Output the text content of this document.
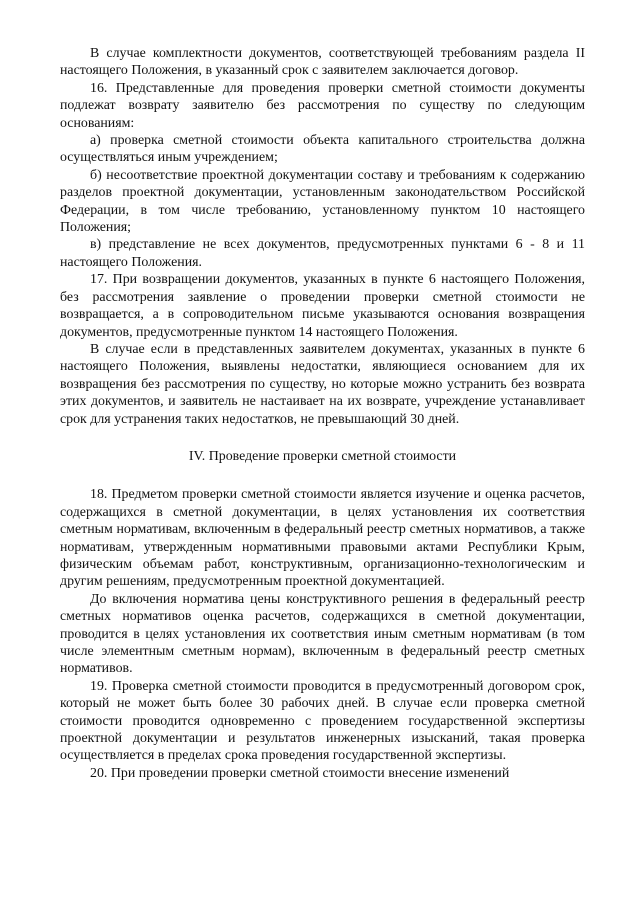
В случае комплектности документов, соответствующей требованиям раздела II настоящего Положения, в указанный срок с заявителем заключается договор.

16. Представленные для проведения проверки сметной стоимости документы подлежат возврату заявителю без рассмотрения по существу по следующим основаниям:

а) проверка сметной стоимости объекта капитального строительства должна осуществляться иным учреждением;

б) несоответствие проектной документации составу и требованиям к содержанию разделов проектной документации, установленным законодательством Российской Федерации, в том числе требованию, установленному пунктом 10 настоящего Положения;

в) представление не всех документов, предусмотренных пунктами 6 - 8 и 11 настоящего Положения.

17. При возвращении документов, указанных в пункте 6 настоящего Положения, без рассмотрения заявление о проведении проверки сметной стоимости не возвращается, а в сопроводительном письме указываются основания возвращения документов, предусмотренные пунктом 14 настоящего Положения.

В случае если в представленных заявителем документах, указанных в пункте 6 настоящего Положения, выявлены недостатки, являющиеся основанием для их возвращения без рассмотрения по существу, но которые можно устранить без возврата этих документов, и заявитель не настаивает на их возврате, учреждение устанавливает срок для устранения таких недостатков, не превышающий 30 дней.

IV. Проведение проверки сметной стоимости

18. Предметом проверки сметной стоимости является изучение и оценка расчетов, содержащихся в сметной документации, в целях установления их соответствия сметным нормативам, включенным в федеральный реестр сметных нормативов, а также нормативам, утвержденным нормативными правовыми актами Республики Крым, физическим объемам работ, конструктивным, организационно-технологическим и другим решениям, предусмотренным проектной документацией.

До включения норматива цены конструктивного решения в федеральный реестр сметных нормативов оценка расчетов, содержащихся в сметной документации, проводится в целях установления их соответствия иным сметным нормативам (в том числе элементным сметным нормам), включенным в федеральный реестр сметных нормативов.

19. Проверка сметной стоимости проводится в предусмотренный договором срок, который не может быть более 30 рабочих дней. В случае если проверка сметной стоимости проводится одновременно с проведением государственной экспертизы проектной документации и результатов инженерных изысканий, такая проверка осуществляется в пределах срока проведения государственной экспертизы.

20. При проведении проверки сметной стоимости внесение изменений
